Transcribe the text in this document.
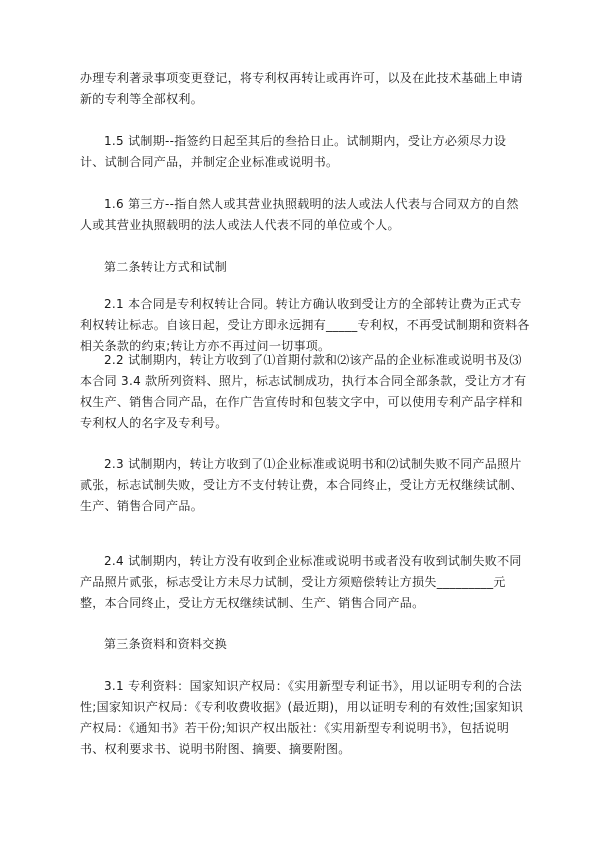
办理专利著录事项变更登记，将专利权再转让或再许可，以及在此技术基础上申请新的专利等全部权利。
1.5 试制期--指签约日起至其后的叁拾日止。试制期内，受让方必须尽力设计、试制合同产品，并制定企业标准或说明书。
1.6 第三方--指自然人或其营业执照载明的法人或法人代表与合同双方的自然人或其营业执照载明的法人或法人代表不同的单位或个人。
第二条转让方式和试制
2.1 本合同是专利权转让合同。转让方确认收到受让方的全部转让费为正式专利权转让标志。自该日起，受让方即永远拥有_____专利权，不再受试制期和资料各相关条款的约束;转让方亦不再过问一切事项。
2.2 试制期内，转让方收到了⑴首期付款和⑵该产品的企业标准或说明书及⑶本合同 3.4 款所列资料、照片，标志试制成功，执行本合同全部条款，受让方才有权生产、销售合同产品，在作广告宣传时和包装文字中，可以使用专利产品字样和专利权人的名字及专利号。
2.3 试制期内，转让方收到了⑴企业标准或说明书和⑵试制失败不同产品照片贰张，标志试制失败，受让方不支付转让费，本合同终止，受让方无权继续试制、生产、销售合同产品。
2.4 试制期内，转让方没有收到企业标准或说明书或者没有收到试制失败不同产品照片贰张，标志受让方未尽力试制，受让方须赔偿转让方损失_________元整，本合同终止，受让方无权继续试制、生产、销售合同产品。
第三条资料和资料交换
3.1 专利资料：国家知识产权局：《实用新型专利证书》，用以证明专利的合法性;国家知识产权局：《专利收费收据》(最近期)，用以证明专利的有效性;国家知识产权局：《通知书》若干份;知识产权出版社：《实用新型专利说明书》，包括说明书、权利要求书、说明书附图、摘要、摘要附图。
